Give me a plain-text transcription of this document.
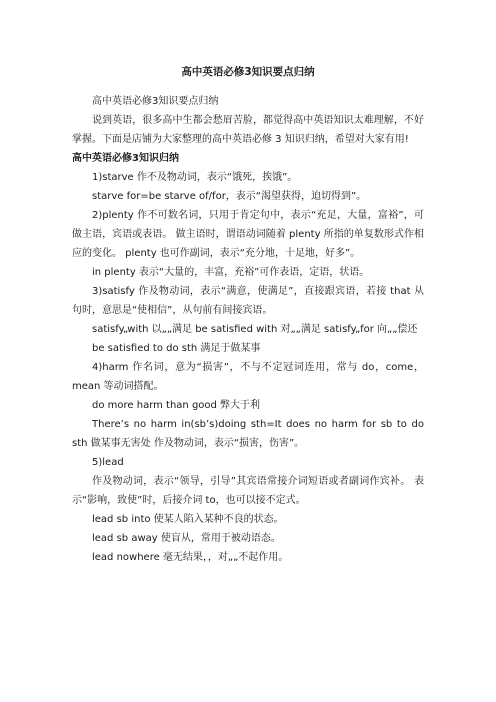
高中英语必修3知识要点归纳

高中英语必修3知识要点归纳

说到英语，很多高中生都会愁眉苦脸，都觉得高中英语知识太难理解，不好掌握。下面是店铺为大家整理的高中英语必修 3 知识归纳，希望对大家有用!

高中英语必修3知识归纳

1)starve 作不及物动词，表示“饿死，挨饿”。

starve for=be starve of/for，表示“渴望获得，迫切得到”。

2)plenty 作不可数名词，只用于肯定句中，表示“充足，大量，富裕”，可做主语，宾语或表语。 做主语时，谓语动词随着 plenty 所指的单复数形式作相应的变化。 plenty 也可作副词，表示“充分地，十足地，好多”。

in plenty 表示“大量的，丰富，充裕”可作表语，定语，状语。

3)satisfy 作及物动词，表示“满意，使满足”，直接跟宾语，若接 that 从句时，意思是“使相信”，从句前有间接宾语。

satisfy„with 以„„满足 be satisfied with 对„„满足 satisfy„for 向„„偿还

be satisfied to do sth 满足于做某事

4)harm 作名词，意为“损害”，不与不定冠词连用，常与 do，come，mean 等动词搭配。

do more harm than good 弊大于利

There’s no harm in(sb’s)doing sth=It does no harm for sb to do sth 做某事无害处 作及物动词，表示“损害，伤害”。

5)lead

作及物动词，表示“领导，引导”其宾语常接介词短语或者副词作宾补。 表示“影响，致使”时，后接介词 to，也可以接不定式。

lead sb into 使某人陷入某种不良的状态。

lead sb away 使盲从，常用于被动语态。

lead nowhere 毫无结果，，对„„不起作用。
